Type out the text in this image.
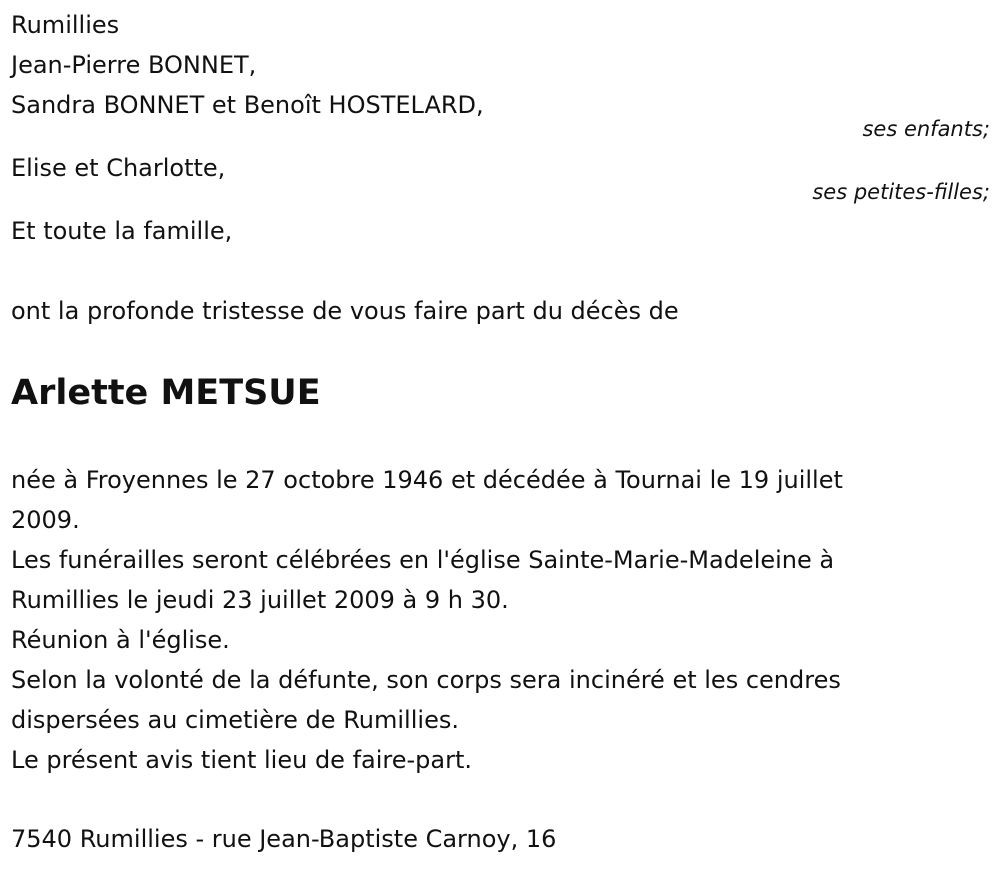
Rumillies
Jean-Pierre BONNET,
Sandra BONNET et Benoît HOSTELARD,
ses enfants;
Elise et Charlotte,
ses petites-filles;
Et toute la famille,
ont la profonde tristesse de vous faire part du décès de
Arlette METSUE
née à Froyennes le 27 octobre 1946 et décédée à Tournai le 19 juillet
2009.
Les funérailles seront célébrées en l'église Sainte-Marie-Madeleine à
Rumillies le jeudi 23 juillet 2009 à 9 h 30.
Réunion à l'église.
Selon la volonté de la défunte, son corps sera incinéré et les cendres
dispersées au cimetière de Rumillies.
Le présent avis tient lieu de faire-part.
7540 Rumillies - rue Jean-Baptiste Carnoy, 16
